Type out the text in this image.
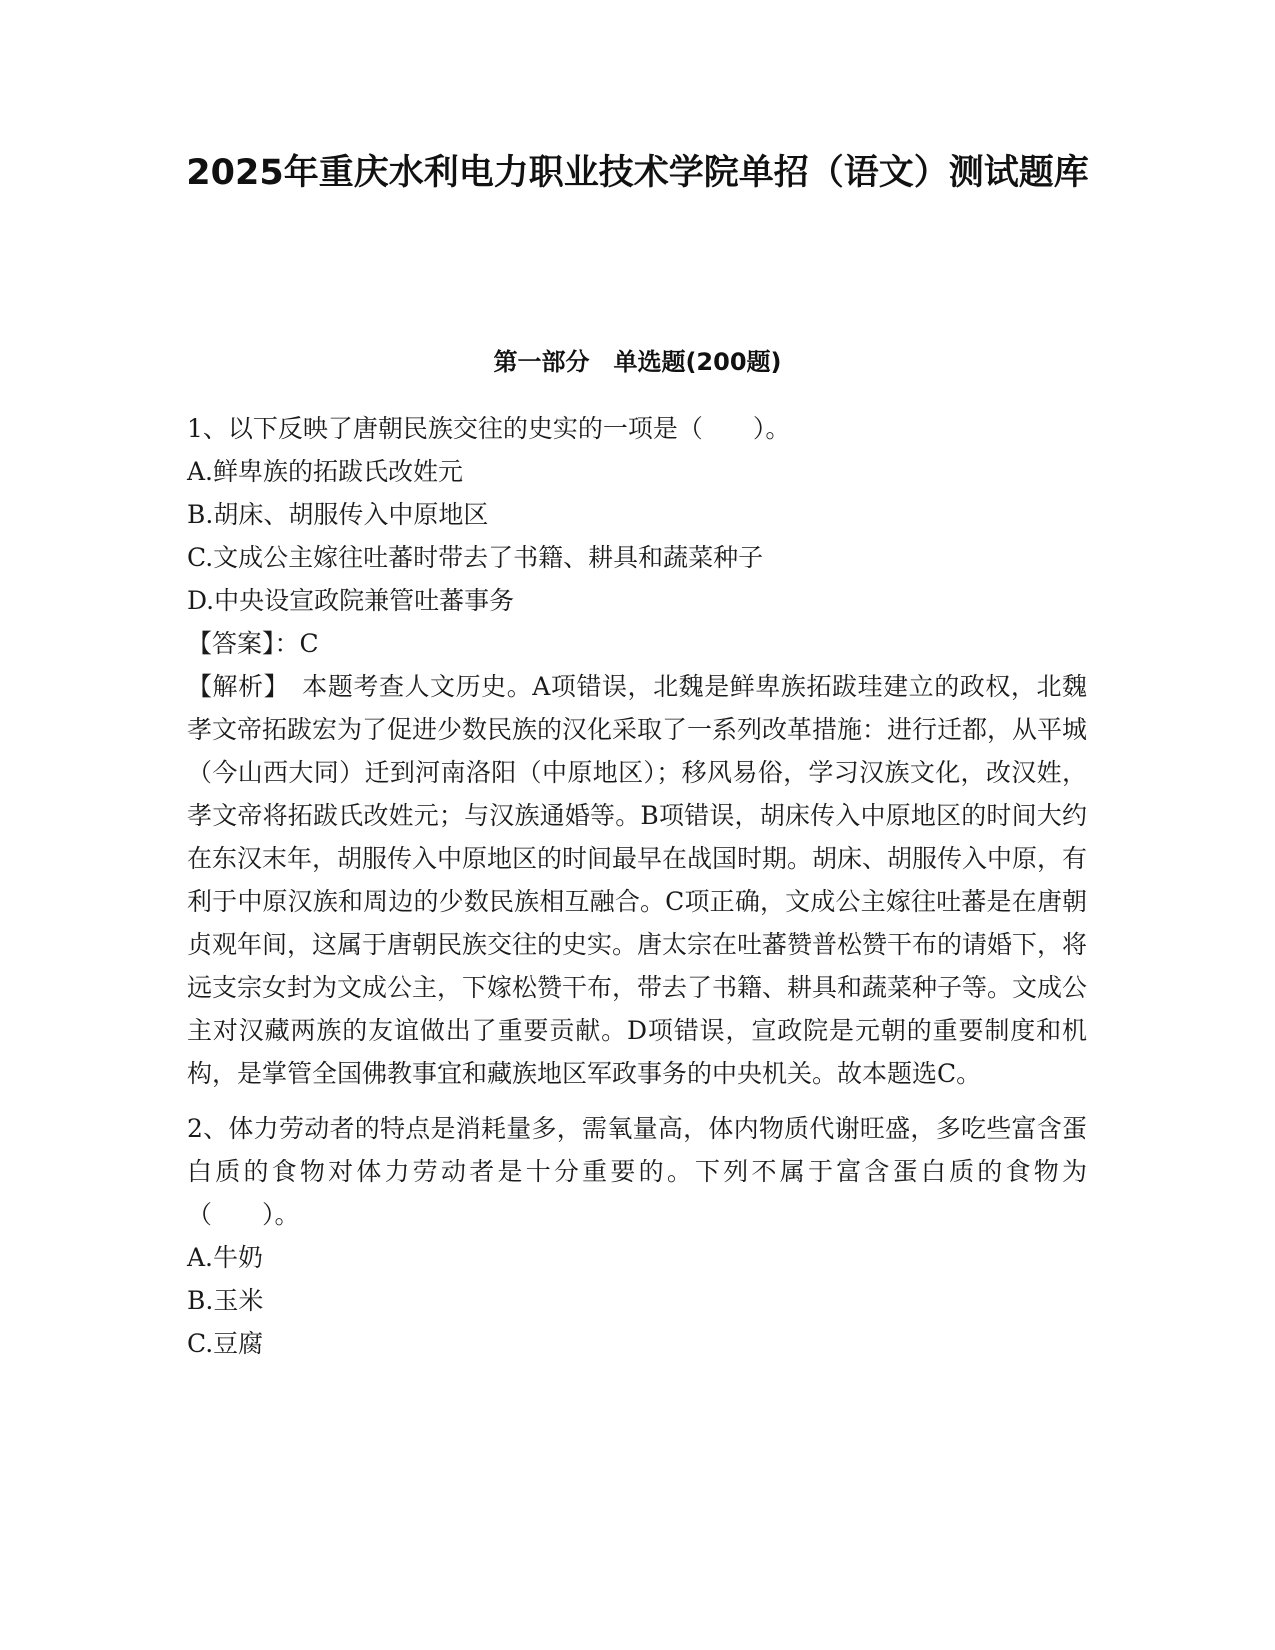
2025年重庆水利电力职业技术学院单招（语文）测试题库
第一部分　单选题(200题)
1、以下反映了唐朝民族交往的史实的一项是（　　）。
A.鲜卑族的拓跋氏改姓元
B.胡床、胡服传入中原地区
C.文成公主嫁往吐蕃时带去了书籍、耕具和蔬菜种子
D.中央设宣政院兼管吐蕃事务
【答案】：C

【解析】　本题考查人文历史。A项错误，北魏是鲜卑族拓跋珪建立的政权，北魏孝文帝拓跋宏为了促进少数民族的汉化采取了一系列改革措施：进行迁都，从平城（今山西大同）迁到河南洛阳（中原地区）；移风易俗，学习汉族文化，改汉姓，孝文帝将拓跋氏改姓元；与汉族通婚等。B项错误，胡床传入中原地区的时间大约在东汉末年，胡服传入中原地区的时间最早在战国时期。胡床、胡服传入中原，有利于中原汉族和周边的少数民族相互融合。C项正确，文成公主嫁往吐蕃是在唐朝贞观年间，这属于唐朝民族交往的史实。唐太宗在吐蕃赞普松赞干布的请婚下，将远支宗女封为文成公主，下嫁松赞干布，带去了书籍、耕具和蔬菜种子等。文成公主对汉藏两族的友谊做出了重要贡献。D项错误，宣政院是元朝的重要制度和机构，是掌管全国佛教事宜和藏族地区军政事务的中央机关。故本题选C。

2、体力劳动者的特点是消耗量多，需氧量高，体内物质代谢旺盛，多吃些富含蛋白质的食物对体力劳动者是十分重要的。下列不属于富含蛋白质的食物为（　　）。

A.牛奶
B.玉米
C.豆腐
